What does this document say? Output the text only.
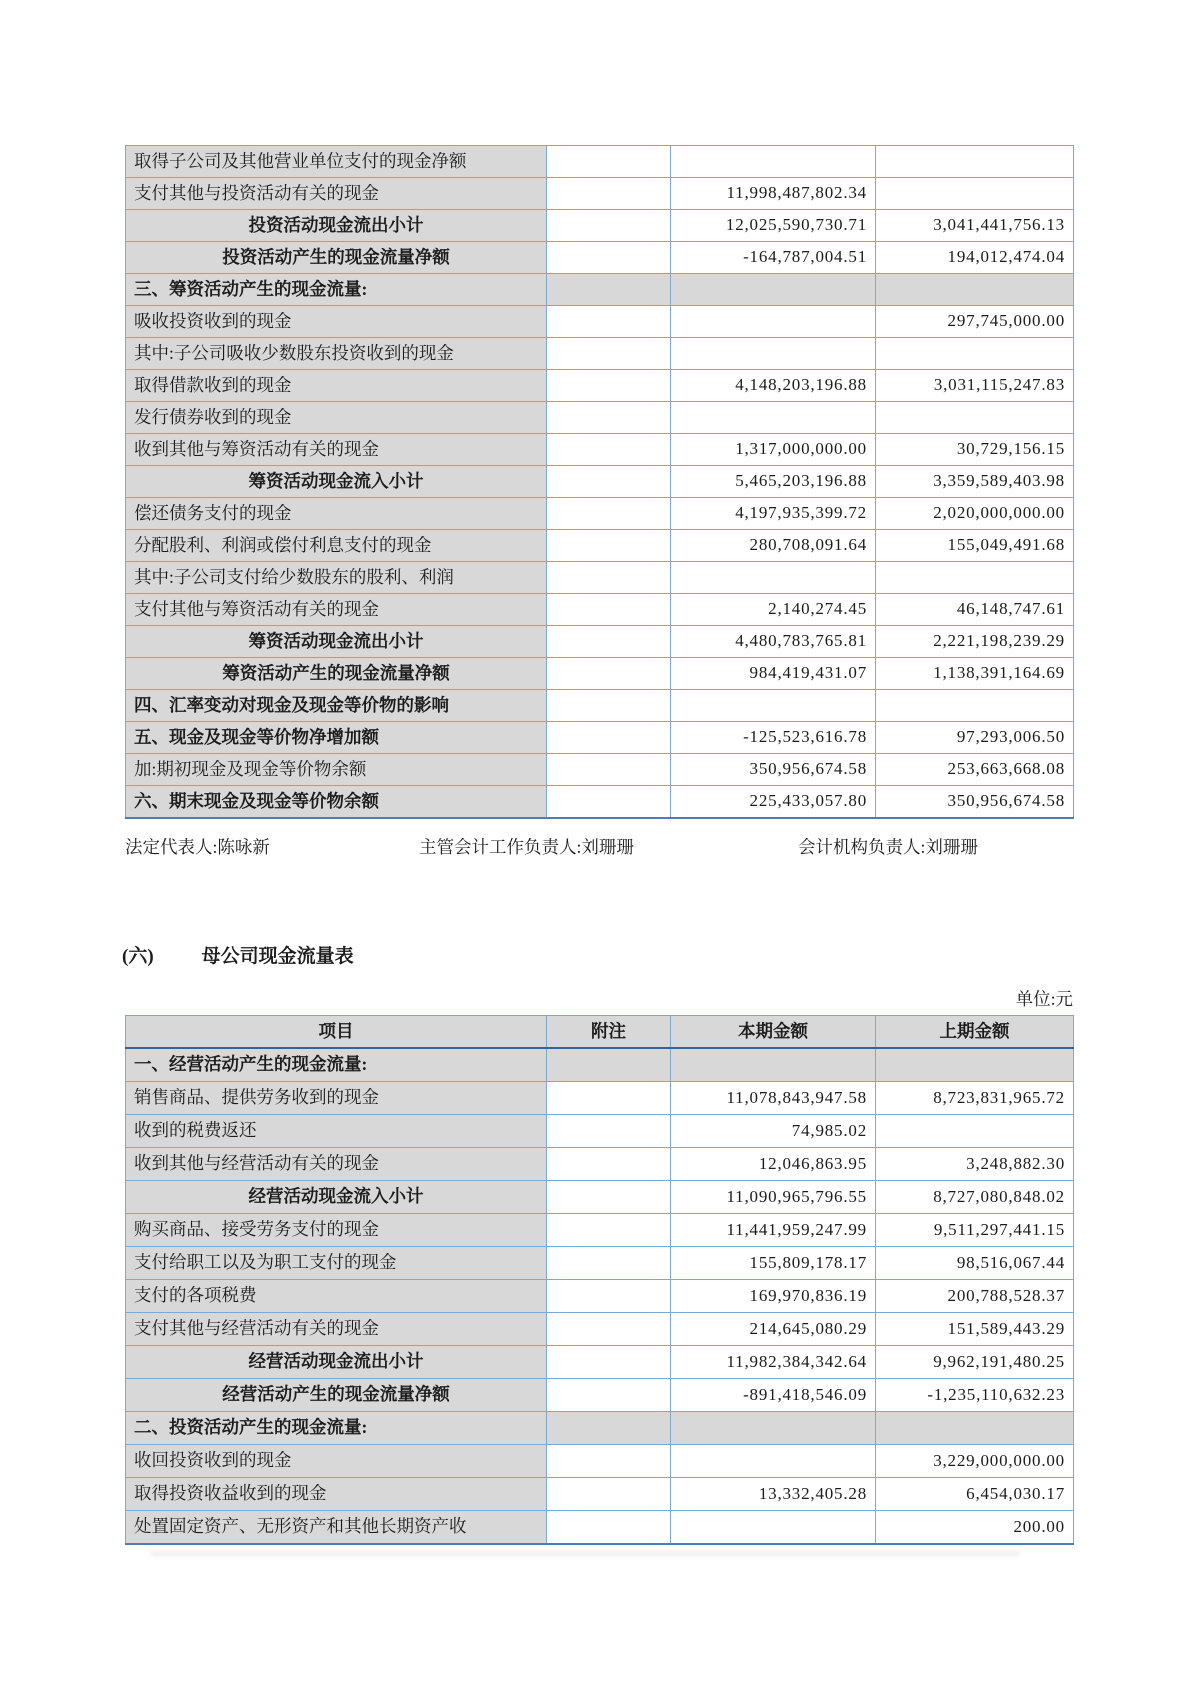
取得子公司及其他营业单位支付的现金净额			
支付其他与投资活动有关的现金		11,998,487,802.34	
投资活动现金流出小计		12,025,590,730.71	3,041,441,756.13
投资活动产生的现金流量净额		-164,787,004.51	194,012,474.04
三、筹资活动产生的现金流量:			
吸收投资收到的现金			297,745,000.00
其中:子公司吸收少数股东投资收到的现金			
取得借款收到的现金		4,148,203,196.88	3,031,115,247.83
发行债券收到的现金			
收到其他与筹资活动有关的现金		1,317,000,000.00	30,729,156.15
筹资活动现金流入小计		5,465,203,196.88	3,359,589,403.98
偿还债务支付的现金		4,197,935,399.72	2,020,000,000.00
分配股利、利润或偿付利息支付的现金		280,708,091.64	155,049,491.68
其中:子公司支付给少数股东的股利、利润			
支付其他与筹资活动有关的现金		2,140,274.45	46,148,747.61
筹资活动现金流出小计		4,480,783,765.81	2,221,198,239.29
筹资活动产生的现金流量净额		984,419,431.07	1,138,391,164.69
四、汇率变动对现金及现金等价物的影响			
五、现金及现金等价物净增加额		-125,523,616.78	97,293,006.50
加:期初现金及现金等价物余额		350,956,674.58	253,663,668.08
六、期末现金及现金等价物余额		225,433,057.80	350,956,674.58
法定代表人:陈咏新	主管会计工作负责人:刘珊珊	会计机构负责人:刘珊珊
(六)	母公司现金流量表
单位:元
项目	附注	本期金额	上期金额
一、经营活动产生的现金流量:			
销售商品、提供劳务收到的现金		11,078,843,947.58	8,723,831,965.72
收到的税费返还		74,985.02	
收到其他与经营活动有关的现金		12,046,863.95	3,248,882.30
经营活动现金流入小计		11,090,965,796.55	8,727,080,848.02
购买商品、接受劳务支付的现金		11,441,959,247.99	9,511,297,441.15
支付给职工以及为职工支付的现金		155,809,178.17	98,516,067.44
支付的各项税费		169,970,836.19	200,788,528.37
支付其他与经营活动有关的现金		214,645,080.29	151,589,443.29
经营活动现金流出小计		11,982,384,342.64	9,962,191,480.25
经营活动产生的现金流量净额		-891,418,546.09	-1,235,110,632.23
二、投资活动产生的现金流量:			
收回投资收到的现金			3,229,000,000.00
取得投资收益收到的现金		13,332,405.28	6,454,030.17
处置固定资产、无形资产和其他长期资产收			200.00
